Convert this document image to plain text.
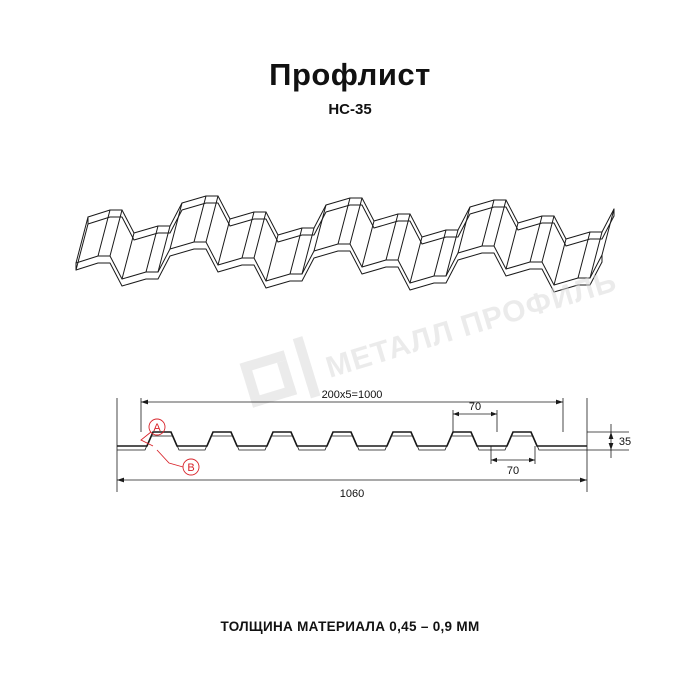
Профлист
НС-35
МЕТАЛЛ ПРОФИЛЬ
200x5=1000
70
70
1060
35
A
B
ТОЛЩИНА МАТЕРИАЛА 0,45 – 0,9 ММ
